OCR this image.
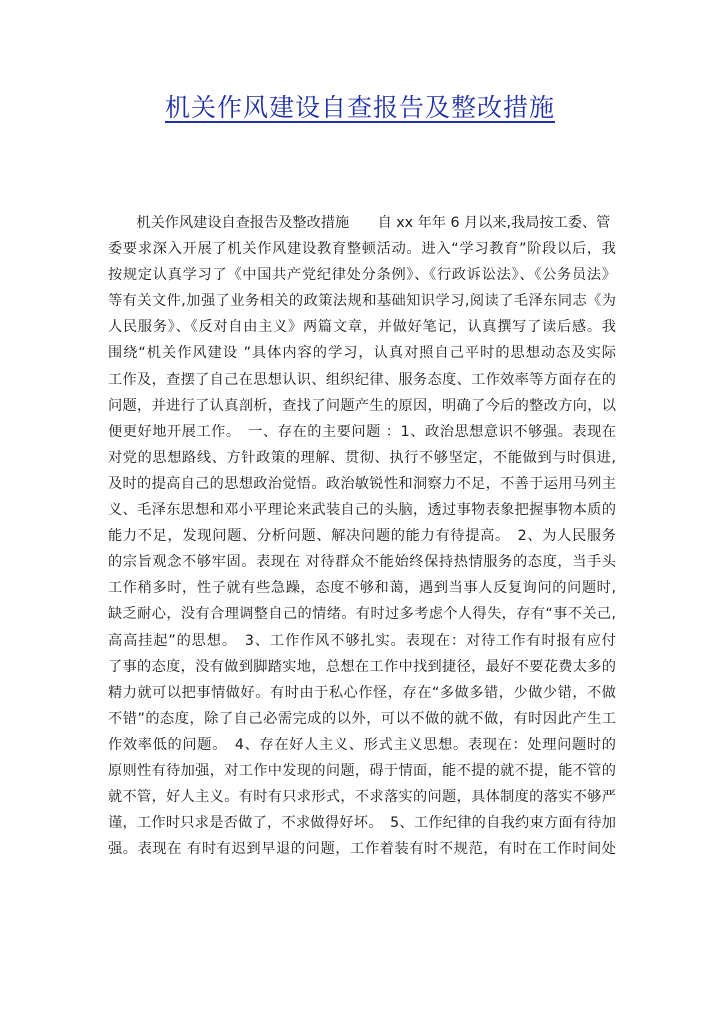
机关作风建设自查报告及整改措施
　　机关作风建设自查报告及整改措施　　自 xx 年年 6 月以来,我局按工委、管
委要求深入开展了机关作风建设教育整顿活动。进入“学习教育”阶段以后，我
按规定认真学习了《中国共产党纪律处分条例》、《行政诉讼法》、《公务员法》
等有关文件,加强了业务相关的政策法规和基础知识学习,阅读了毛泽东同志《为
人民服务》、《反对自由主义》两篇文章，并做好笔记，认真撰写了读后感。我
围绕“机关作风建设 ”具体内容的学习，认真对照自己平时的思想动态及实际
工作及，查摆了自己在思想认识、组织纪律、服务态度、工作效率等方面存在的
问题，并进行了认真剖析，查找了问题产生的原因，明确了今后的整改方向，以
便更好地开展工作。　一、存在的主要问题 ：1、政治思想意识不够强。表现在
对党的思想路线、方针政策的理解、贯彻、执行不够坚定，不能做到与时俱进,
及时的提高自己的思想政治觉悟。政治敏锐性和洞察力不足，不善于运用马列主
义、毛泽东思想和邓小平理论来武装自己的头脑，透过事物表象把握事物本质的
能力不足，发现问题、分析问题、解决问题的能力有待提高。　2、为人民服务
的宗旨观念不够牢固。表现在 对待群众不能始终保持热情服务的态度，当手头
工作稍多时，性子就有些急躁，态度不够和蔼，遇到当事人反复询问的问题时,
缺乏耐心，没有合理调整自己的情绪。有时过多考虑个人得失，存有“事不关己,
高高挂起”的思想。　3、工作作风不够扎实。表现在：对待工作有时报有应付
了事的态度，没有做到脚踏实地，总想在工作中找到捷径，最好不要花费太多的
精力就可以把事情做好。有时由于私心作怪，存在“多做多错，少做少错，不做
不错”的态度，除了自己必需完成的以外，可以不做的就不做，有时因此产生工
作效率低的问题。　4、存在好人主义、形式主义思想。表现在：处理问题时的
原则性有待加强，对工作中发现的问题，碍于情面，能不提的就不提，能不管的
就不管，好人主义。有时有只求形式，不求落实的问题，具体制度的落实不够严
谨，工作时只求是否做了，不求做得好坏。　5、工作纪律的自我约束方面有待加
强。表现在 有时有迟到早退的问题，工作着装有时不规范，有时在工作时间处
